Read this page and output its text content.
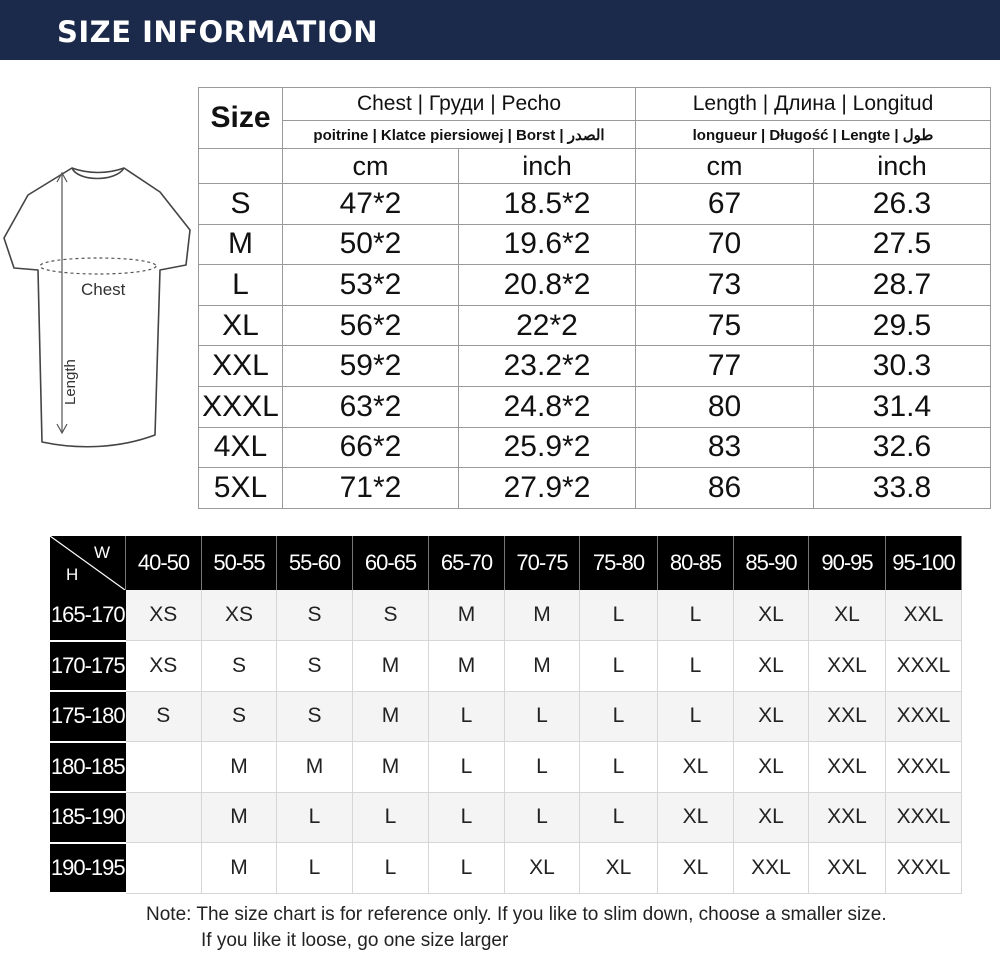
SIZE INFORMATION
Chest
Length
Size	Chest | Груди | Pecho		Length | Длина | Longitud	
	poitrine | Klatce piersiowej | Borst | الصدر		longueur | Długość | Lengte | طول	
	cm	inch	cm	inch
S	47*2	18.5*2	67	26.3
M	50*2	19.6*2	70	27.5
L	53*2	20.8*2	73	28.7
XL	56*2	22*2	75	29.5
XXL	59*2	23.2*2	77	30.3
XXXL	63*2	24.8*2	80	31.4
4XL	66*2	25.9*2	83	32.6
5XL	71*2	27.9*2	86	33.8
W
H	40-50	50-55	55-60	60-65	65-70	70-75	75-80	80-85	85-90	90-95	95-100
165-170	XS	XS	S	S	M	M	L	L	XL	XL	XXL
170-175	XS	S	S	M	M	M	L	L	XL	XXL	XXXL
175-180	S	S	S	M	L	L	L	L	XL	XXL	XXXL
180-185		M	M	M	L	L	L	XL	XL	XXL	XXXL
185-190		M	L	L	L	L	L	XL	XL	XXL	XXXL
190-195		M	L	L	L	XL	XL	XL	XXL	XXL	XXXL
Note: The size chart is for reference only. If you like to slim down, choose a smaller size.
If you like it loose, go one size larger
